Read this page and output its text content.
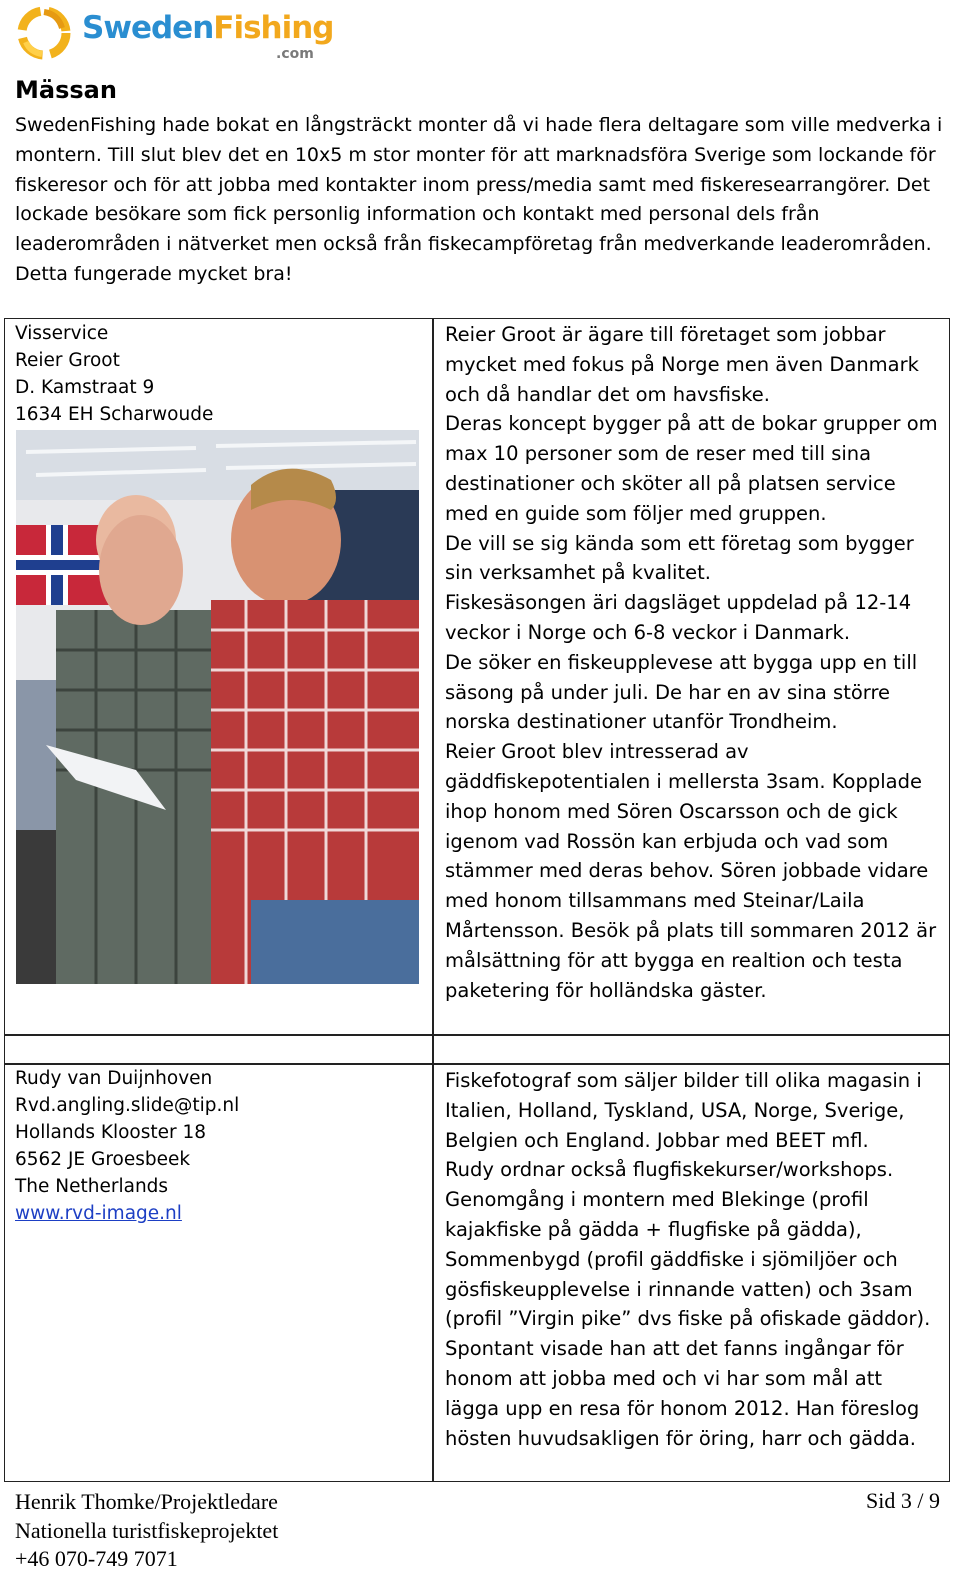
SwedenFishing
.com
Mässan
SwedenFishing hade bokat en långsträckt monter då vi hade flera deltagare som ville medverka i montern. Till slut blev det en 10x5 m stor monter för att marknadsföra Sverige som lockande för fiskeresor och för att jobba med kontakter inom press/media samt med fiskeresearrangörer. Det lockade besökare som fick personlig information och kontakt med personal dels från leaderområden i nätverket men också från fiskecampföretag från medverkande leaderområden. Detta fungerade mycket bra!
Visservice
Reier Groot
D. Kamstraat 9
1634 EH Scharwoude

Reier Groot är ägare till företaget som jobbar mycket med fokus på Norge men även Danmark och då handlar det om havsfiske.

Deras koncept bygger på att de bokar grupper om max 10 personer som de reser med till sina destinationer och sköter all på platsen service med en guide som följer med gruppen.

De vill se sig kända som ett företag som bygger sin verksamhet på kvalitet.

Fiskesäsongen äri dagsläget uppdelad på 12-14 veckor i Norge och 6-8 veckor i Danmark.

De söker en fiskeupplevese att bygga upp en till säsong på under juli. De har en av sina större norska destinationer utanför Trondheim.

Reier Groot blev intresserad av gäddfiskepotentialen i mellersta 3sam. Kopplade ihop honom med Sören Oscarsson och de gick igenom vad Rossön kan erbjuda och vad som stämmer med deras behov. Sören jobbade vidare med honom tillsammans med Steinar/Laila Mårtensson. Besök på plats till sommaren 2012 är målsättning för att bygga en realtion och testa paketering för holländska gäster.

Rudy van Duijnhoven
Rvd.angling.slide@tip.nl
Hollands Klooster 18
6562 JE Groesbeek
The Netherlands
www.rvd-image.nl

Fiskefotograf som säljer bilder till olika magasin i Italien, Holland, Tyskland, USA, Norge, Sverige, Belgien och England. Jobbar med BEET mfl.

Rudy ordnar också flugfiskekurser/workshops.

Genomgång i montern med Blekinge (profil kajakfiske på gädda + flugfiske på gädda), Sommenbygd (profil gäddfiske i sjömiljöer och gösfiskeupplevelse i rinnande vatten) och 3sam (profil ”Virgin pike” dvs fiske på ofiskade gäddor).

Spontant visade han att det fanns ingångar för honom att jobba med och vi har som mål att lägga upp en resa för honom 2012. Han föreslog hösten huvudsakligen för öring, harr och gädda.

Henrik Thomke/Projektledare
Nationella turistfiskeprojektet
+46 070-749 7071
Sid 3 / 9
